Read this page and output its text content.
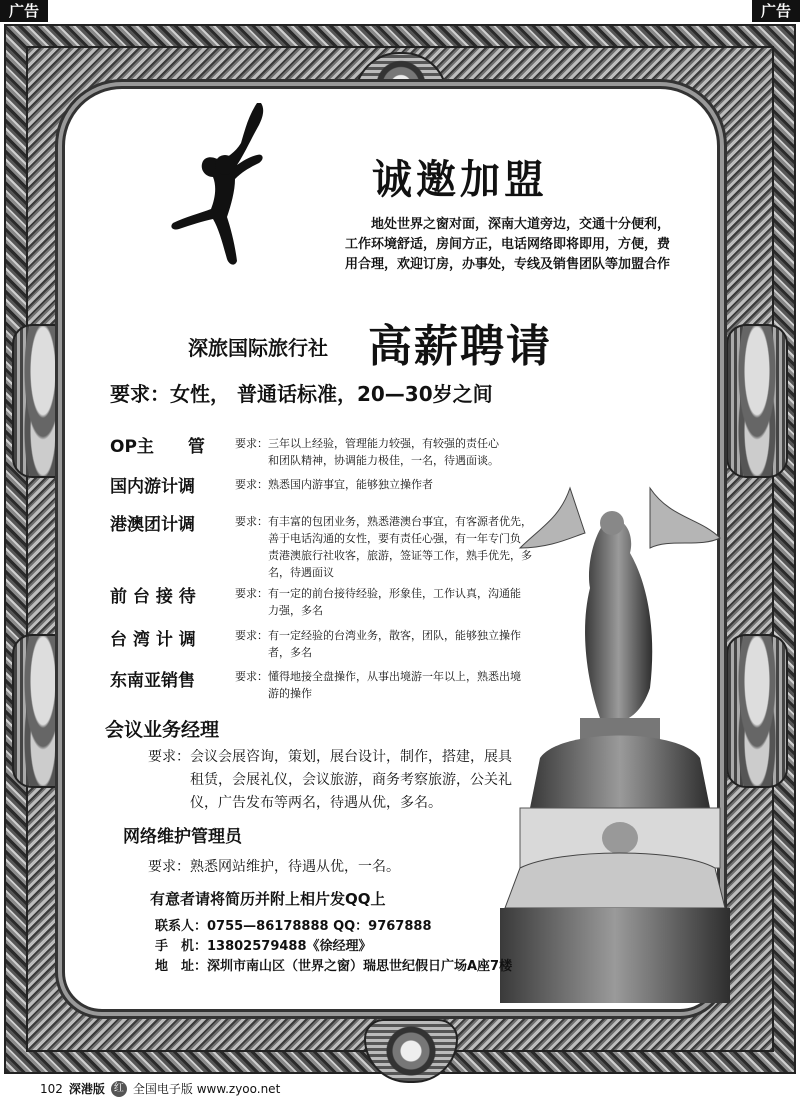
广告	广告
诚邀加盟
地处世界之窗对面，深南大道旁边，交通十分便利，
工作环境舒适，房间方正，电话网络即将即用，方便，费
用合理，欢迎订房，办事处，专线及销售团队等加盟合作
深旅国际旅行社 高薪聘请
要求：女性， 普通话标准，20—30岁之间
OP主　　管	要求：三年以上经验，管理能力较强，有较强的责任心
　　　和团队精神，协调能力极佳，一名，待遇面谈。
国内游计调	要求：熟悉国内游事宜，能够独立操作者
港澳团计调	要求：有丰富的包团业务，熟悉港澳台事宜，有客源者优先，
　　　善于电话沟通的女性，要有责任心强，有一年专门负
　　　责港澳旅行社收客，旅游，签证等工作，熟手优先，多
　　　名，待遇面议
前 台 接 待	要求：有一定的前台接待经验，形象佳，工作认真，沟通能
　　　力强，多名
台 湾 计 调	要求：有一定经验的台湾业务，散客，团队，能够独立操作
　　　者，多名
东南亚销售	要求：懂得地接全盘操作，从事出境游一年以上，熟悉出境
　　　游的操作
会议业务经理
要求：会议会展咨询，策划，展台设计，制作，搭建，展具
　　　租赁，会展礼仪，会议旅游，商务考察旅游，公关礼
　　　仪，广告发布等两名，待遇从优，多名。
网络维护管理员
要求：熟悉网站维护，待遇从优，一名。
有意者请将简历并附上相片发QQ上
联系人：0755—86178888 QQ：9767888
手　机：13802579488《徐经理》
地　址：深圳市南山区（世界之窗）瑞思世纪假日广场A座7楼
102 深港版 红 全国电子版 www.zyoo.net
